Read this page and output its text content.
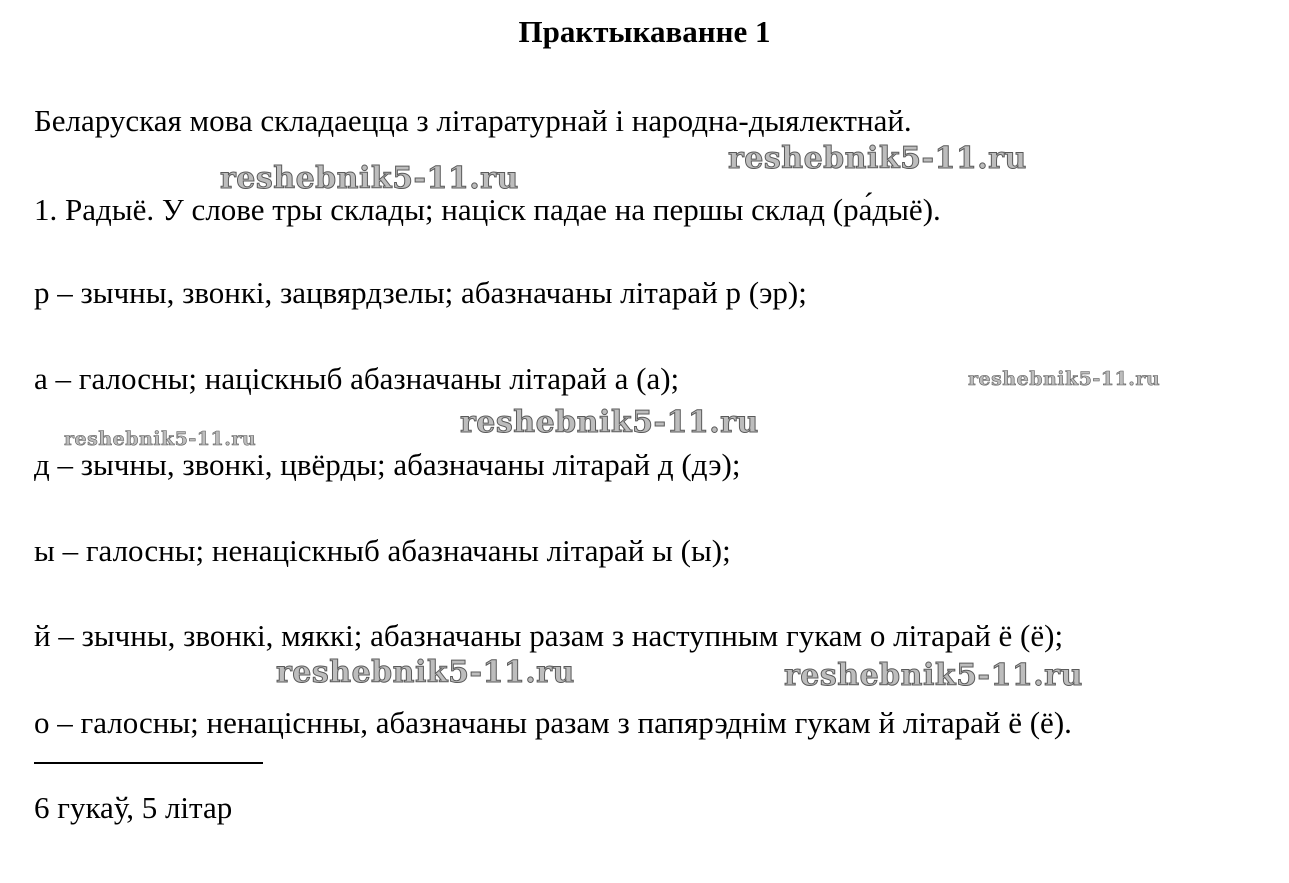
Практыкаванне 1
Беларуская мова складаецца з літаратурнай і народна-дыялектнай.
1. Радыё. У слове тры склады; націск падае на першы склад (ра́дыё).
р – зычны, звонкі, зацвярдзелы; абазначаны літарай р (эр);
а – галосны; націскныб абазначаны літарай а (а);
д – зычны, звонкі, цвёрды; абазначаны літарай д (дэ);
ы – галосны; ненаціскныб абазначаны літарай ы (ы);
й – зычны, звонкі, мяккі; абазначаны разам з наступным гукам о літарай ё (ё);
о – галосны; ненаціснны, абазначаны разам з папярэднім гукам й літарай ё (ё).
6 гукаў, 5 літар
reshebnik5-11.ru
reshebnik5-11.ru
reshebnik5-11.ru
reshebnik5-11.ru
reshebnik5-11.ru
reshebnik5-11.ru	reshebnik5-11.ru
